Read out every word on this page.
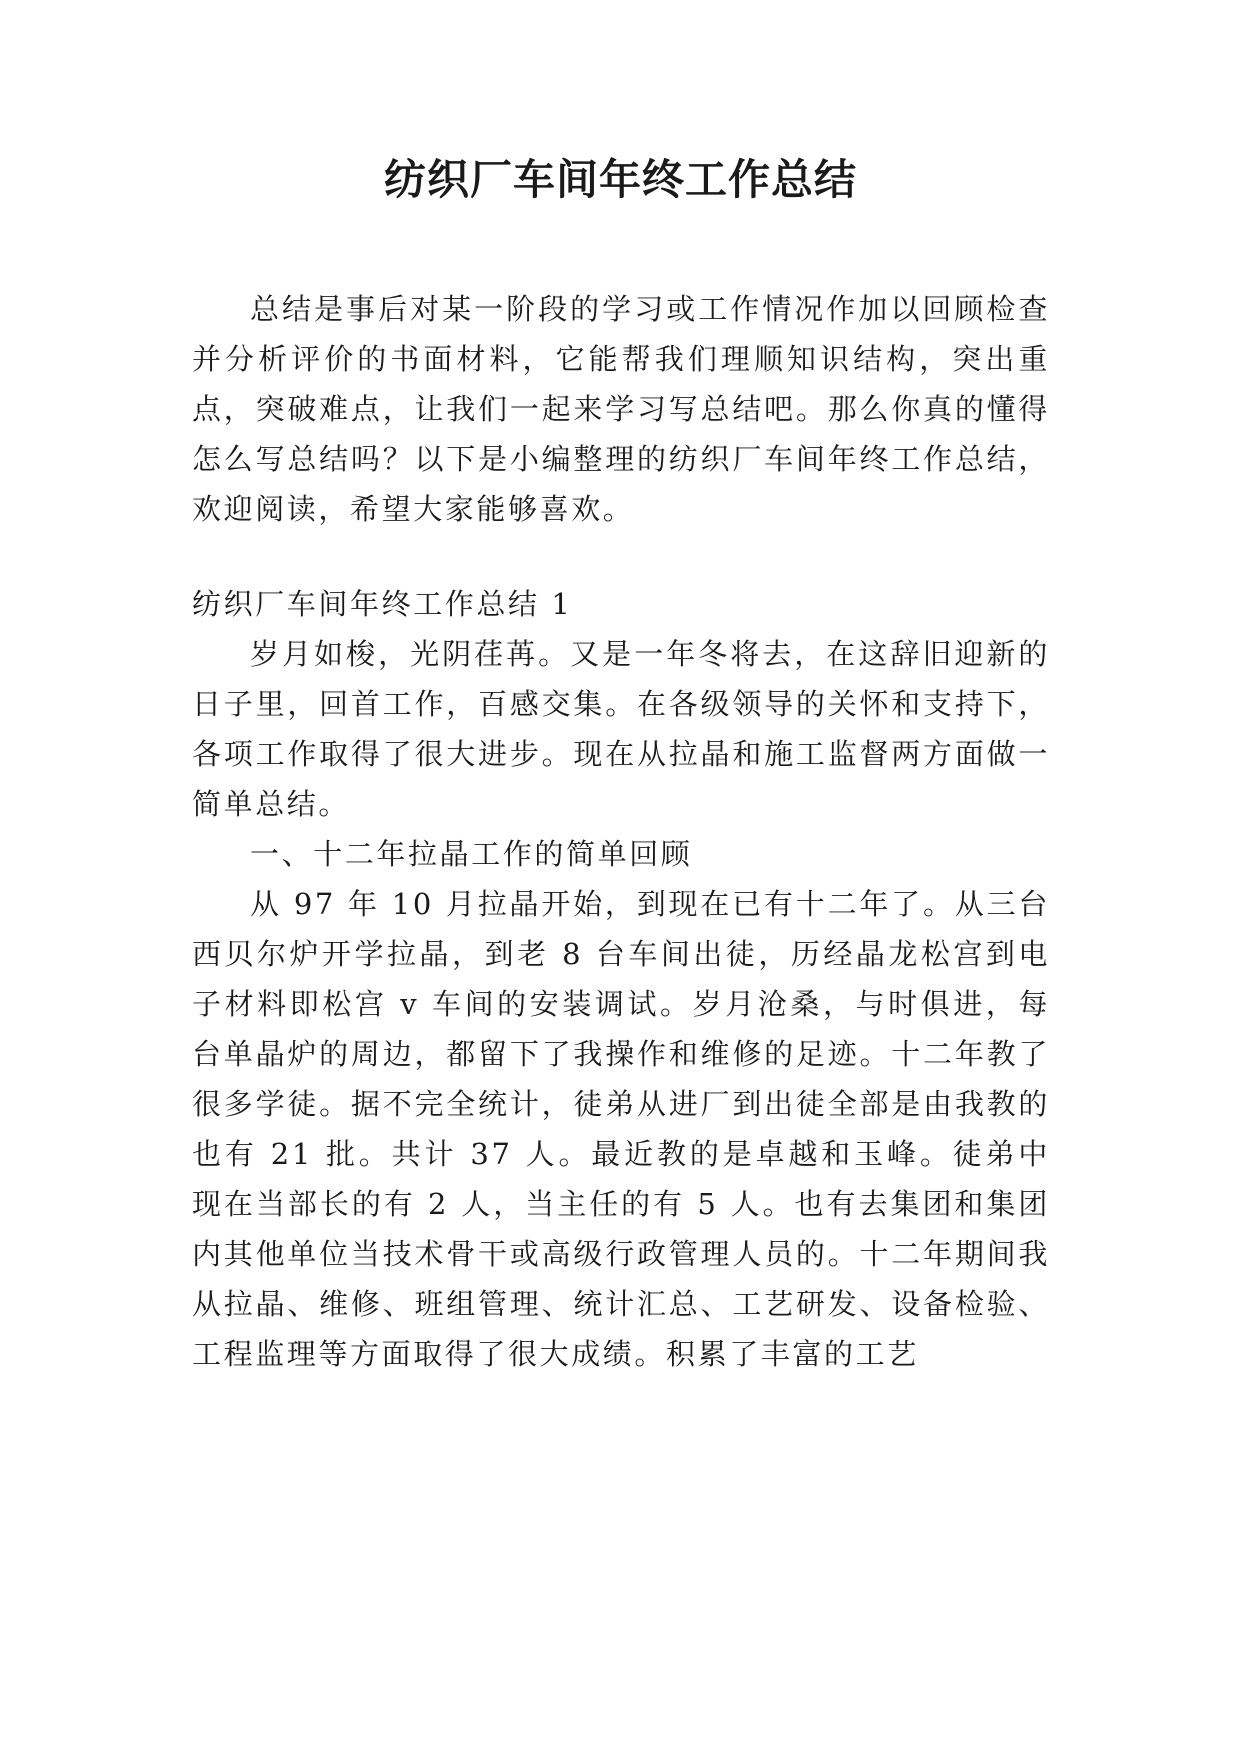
纺织厂车间年终工作总结

总结是事后对某一阶段的学习或工作情况作加以回顾检查并分析评价的书面材料，它能帮我们理顺知识结构，突出重点，突破难点，让我们一起来学习写总结吧。那么你真的懂得怎么写总结吗？以下是小编整理的纺织厂车间年终工作总结，欢迎阅读，希望大家能够喜欢。

纺织厂车间年终工作总结 1

岁月如梭，光阴荏苒。又是一年冬将去，在这辞旧迎新的日子里，回首工作，百感交集。在各级领导的关怀和支持下，各项工作取得了很大进步。现在从拉晶和施工监督两方面做一简单总结。

一、十二年拉晶工作的简单回顾

从 97 年 10 月拉晶开始，到现在已有十二年了。从三台西贝尔炉开学拉晶，到老 8 台车间出徒，历经晶龙松宫到电子材料即松宫 v 车间的安装调试。岁月沧桑，与时俱进，每台单晶炉的周边，都留下了我操作和维修的足迹。十二年教了很多学徒。据不完全统计，徒弟从进厂到出徒全部是由我教的也有 21 批。共计 37 人。最近教的是卓越和玉峰。徒弟中现在当部长的有 2 人，当主任的有 5 人。也有去集团和集团内其他单位当技术骨干或高级行政管理人员的。十二年期间我从拉晶、维修、班组管理、统计汇总、工艺研发、设备检验、工程监理等方面取得了很大成绩。积累了丰富的工艺
